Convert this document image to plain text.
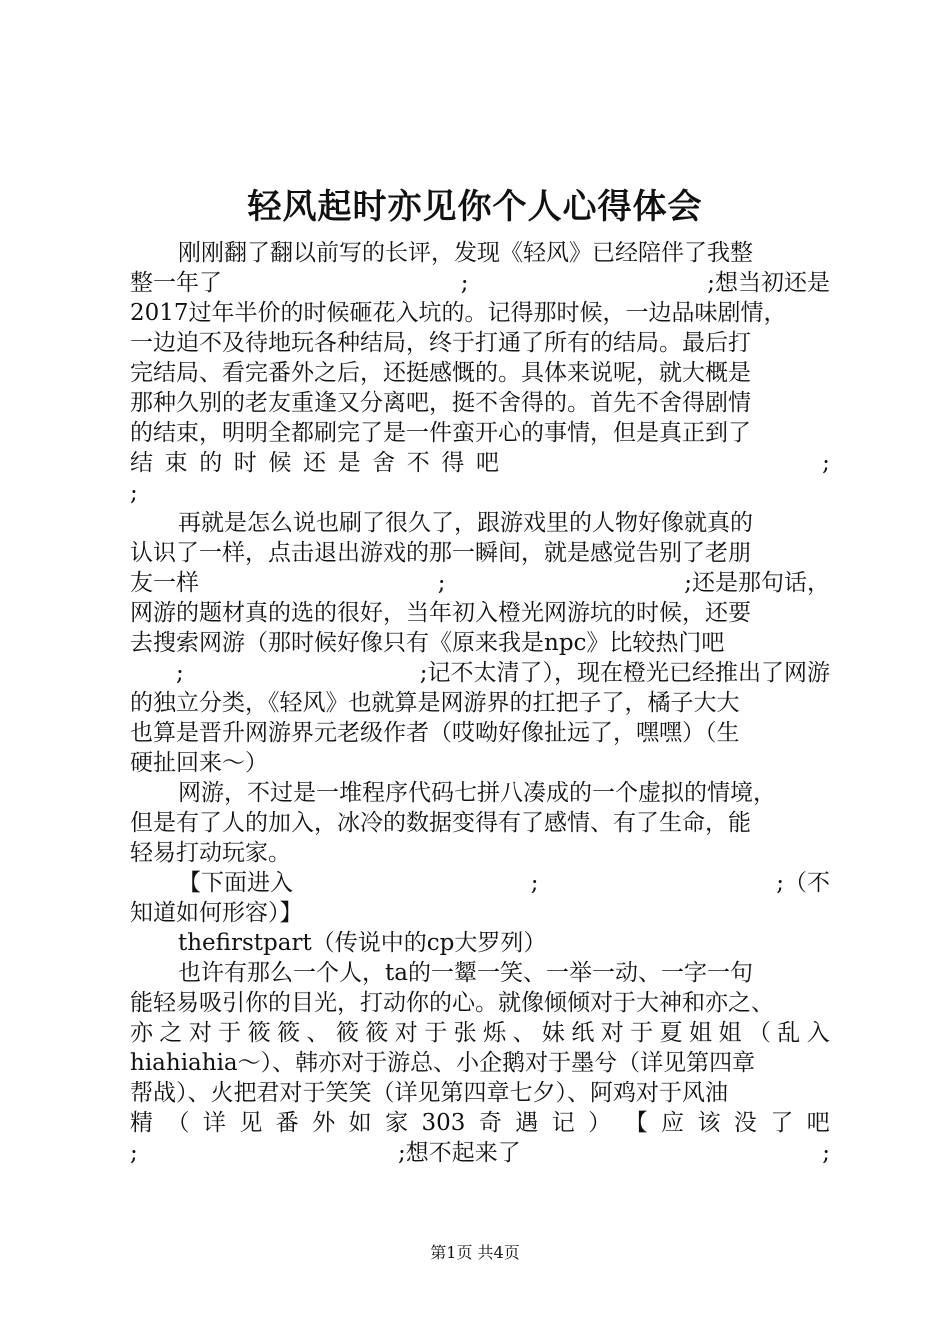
轻风起时亦见你个人心得体会
刚刚翻了翻以前写的长评，发现《轻风》已经陪伴了我整
整一年了	;	;想当初还是
2017过年半价的时候砸花入坑的。记得那时候，一边品味剧情，
一边迫不及待地玩各种结局，终于打通了所有的结局。最后打
完结局、看完番外之后，还挺感慨的。具体来说呢，就大概是
那种久别的老友重逢又分离吧，挺不舍得的。首先不舍得剧情
的结束，明明全都刷完了是一件蛮开心的事情，但是真正到了
结 束 的 时 候 还 是 舍 不 得 吧	;
;
再就是怎么说也刷了很久了，跟游戏里的人物好像就真的
认识了一样，点击退出游戏的那一瞬间，就是感觉告别了老朋
友一样	;	;还是那句话，
网游的题材真的选的很好，当年初入橙光网游坑的时候，还要
去搜索网游（那时候好像只有《原来我是npc》比较热门吧
;	;记不太清了），现在橙光已经推出了网游
的独立分类，《轻风》也就算是网游界的扛把子了，橘子大大
也算是晋升网游界元老级作者（哎呦好像扯远了，嘿嘿）（生
硬扯回来～）
网游，不过是一堆程序代码七拼八凑成的一个虚拟的情境，
但是有了人的加入，冰冷的数据变得有了感情、有了生命，能
轻易打动玩家。
【下面进入	;	;（不
知道如何形容）】
thefirstpart（传说中的cp大罗列）
也许有那么一个人，ta的一颦一笑、一举一动、一字一句
能轻易吸引你的目光，打动你的心。就像倾倾对于大神和亦之、
亦 之 对 于 筱 筱 、 筱 筱 对 于 张 烁 、 妹 纸 对 于 夏 姐 姐 （ 乱 入
hiahiahia～）、韩亦对于游总、小企鹅对于墨兮（详见第四章
帮战）、火把君对于笑笑（详见第四章七夕）、阿鸡对于风油
精 （ 详 见 番 外 如 家 303 奇 遇 记 ） 【 应 该 没 了 吧
;	;想不起来了	;
第1页 共4页
